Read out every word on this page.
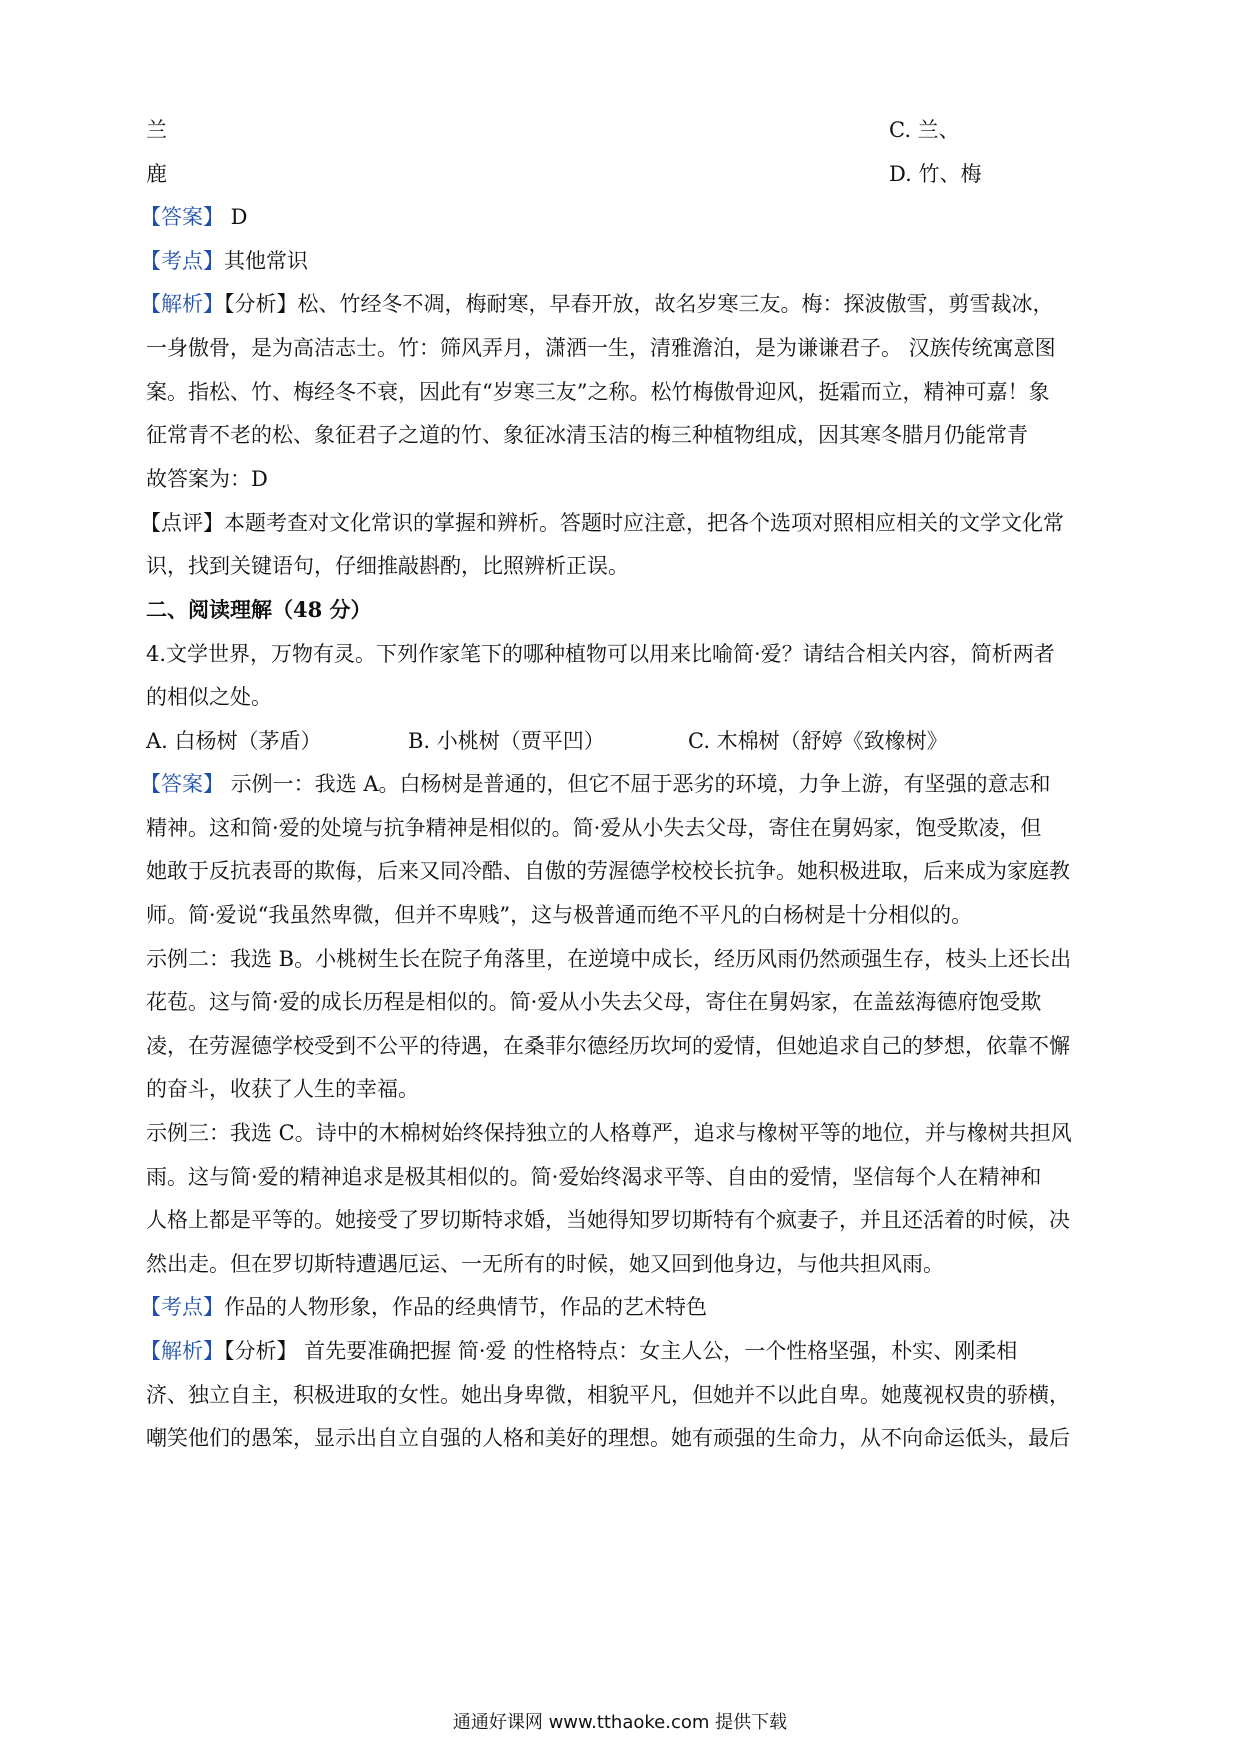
兰	C. 兰、
鹿	D. 竹、梅
【答案】 D
【考点】其他常识
【解析】【分析】松、竹经冬不凋，梅耐寒，早春开放，故名岁寒三友。梅：探波傲雪，剪雪裁冰，
一身傲骨，是为高洁志士。竹：筛风弄月，潇洒一生，清雅澹泊，是为谦谦君子。 汉族传统寓意图
案。指松、竹、梅经冬不衰，因此有“岁寒三友”之称。松竹梅傲骨迎风，挺霜而立，精神可嘉！象
征常青不老的松、象征君子之道的竹、象征冰清玉洁的梅三种植物组成，因其寒冬腊月仍能常青
故答案为：D
【点评】本题考查对文化常识的掌握和辨析。答题时应注意，把各个选项对照相应相关的文学文化常
识，找到关键语句，仔细推敲斟酌，比照辨析正误。
二、阅读理解（48 分）
4.文学世界，万物有灵。下列作家笔下的哪种植物可以用来比喻简·爱？请结合相关内容，简析两者
的相似之处。
A. 白杨树（茅盾）	B. 小桃树（贾平凹）	C. 木棉树（舒婷《致橡树》
【答案】 示例一：我选 A。白杨树是普通的，但它不屈于恶劣的环境，力争上游，有坚强的意志和
精神。这和简·爱的处境与抗争精神是相似的。简·爱从小失去父母，寄住在舅妈家，饱受欺凌，但
她敢于反抗表哥的欺侮，后来又同冷酷、自傲的劳渥德学校校长抗争。她积极进取，后来成为家庭教
师。简·爱说“我虽然卑微，但并不卑贱”，这与极普通而绝不平凡的白杨树是十分相似的。
示例二：我选 B。小桃树生长在院子角落里，在逆境中成长，经历风雨仍然顽强生存，枝头上还长出
花苞。这与简·爱的成长历程是相似的。简·爱从小失去父母，寄住在舅妈家，在盖兹海德府饱受欺
凌，在劳渥德学校受到不公平的待遇，在桑菲尔德经历坎坷的爱情，但她追求自己的梦想，依靠不懈
的奋斗，收获了人生的幸福。
示例三：我选 C。诗中的木棉树始终保持独立的人格尊严，追求与橡树平等的地位，并与橡树共担风
雨。这与简·爱的精神追求是极其相似的。简·爱始终渴求平等、自由的爱情，坚信每个人在精神和
人格上都是平等的。她接受了罗切斯特求婚，当她得知罗切斯特有个疯妻子，并且还活着的时候，决
然出走。但在罗切斯特遭遇厄运、一无所有的时候，她又回到他身边，与他共担风雨。
【考点】作品的人物形象，作品的经典情节，作品的艺术特色
【解析】【分析】 首先要准确把握 简·爱 的性格特点：女主人公，一个性格坚强，朴实、刚柔相
济、独立自主，积极进取的女性。她出身卑微，相貌平凡，但她并不以此自卑。她蔑视权贵的骄横，
嘲笑他们的愚笨，显示出自立自强的人格和美好的理想。她有顽强的生命力，从不向命运低头，最后
通通好课网 www.tthaoke.com 提供下载
